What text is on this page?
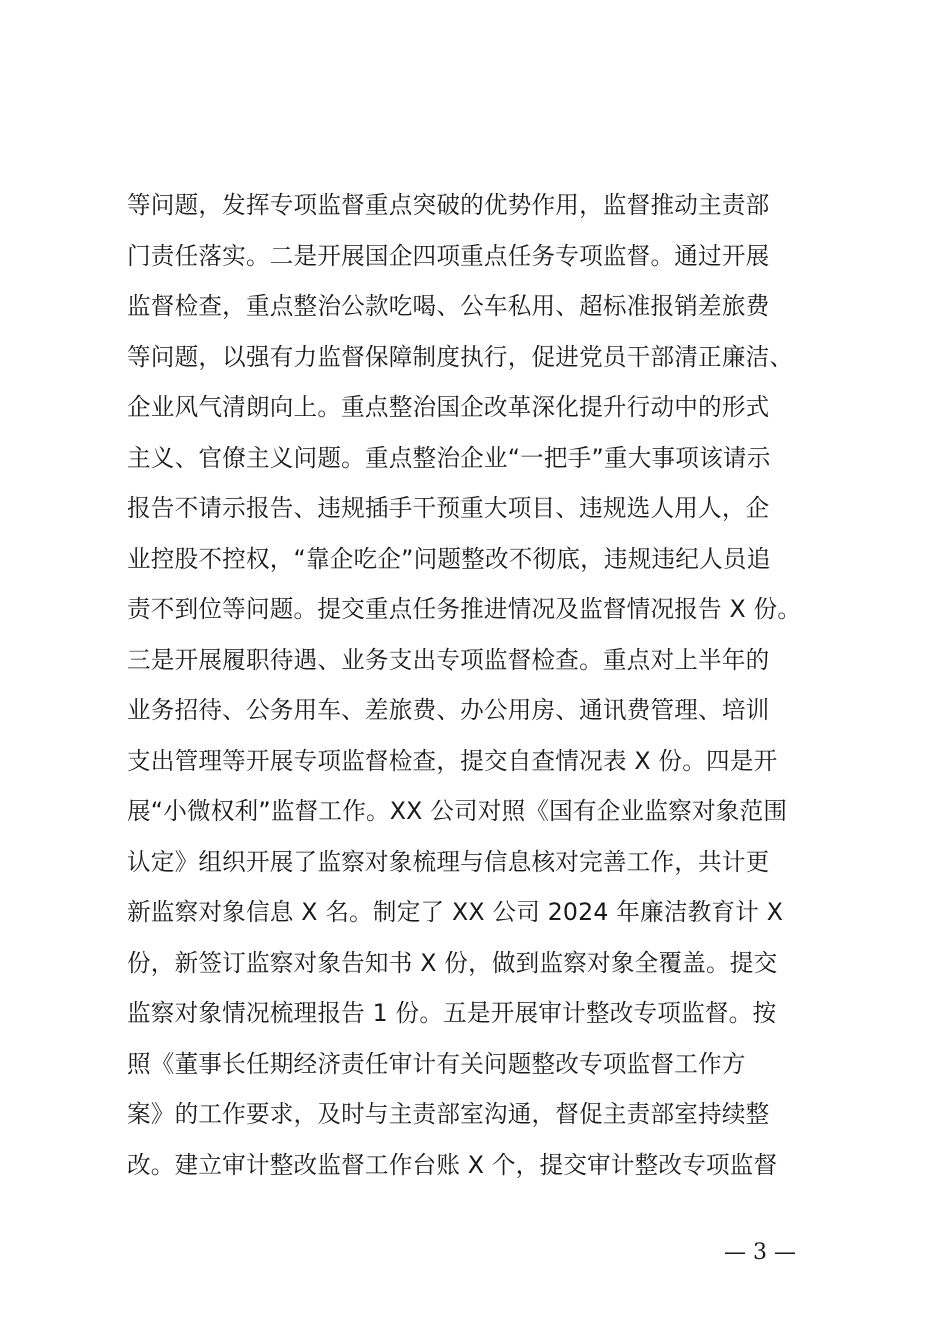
等问题，发挥专项监督重点突破的优势作用，监督推动主责部
门责任落实。二是开展国企四项重点任务专项监督。通过开展
监督检查，重点整治公款吃喝、公车私用、超标准报销差旅费
等问题，以强有力监督保障制度执行，促进党员干部清正廉洁、
企业风气清朗向上。重点整治国企改革深化提升行动中的形式
主义、官僚主义问题。重点整治企业“一把手”重大事项该请示
报告不请示报告、违规插手干预重大项目、违规选人用人，企
业控股不控权，“靠企吃企”问题整改不彻底，违规违纪人员追
责不到位等问题。提交重点任务推进情况及监督情况报告 X 份。
三是开展履职待遇、业务支出专项监督检查。重点对上半年的
业务招待、公务用车、差旅费、办公用房、通讯费管理、培训
支出管理等开展专项监督检查，提交自查情况表 X 份。四是开
展“小微权利”监督工作。XX 公司对照《国有企业监察对象范围
认定》组织开展了监察对象梳理与信息核对完善工作，共计更
新监察对象信息 X 名。制定了 XX 公司 2024 年廉洁教育计 X
份，新签订监察对象告知书 X 份，做到监察对象全覆盖。提交
监察对象情况梳理报告 1 份。五是开展审计整改专项监督。按
照《董事长任期经济责任审计有关问题整改专项监督工作方
案》的工作要求，及时与主责部室沟通，督促主责部室持续整
改。建立审计整改监督工作台账 X 个，提交审计整改专项监督
— 3 —
